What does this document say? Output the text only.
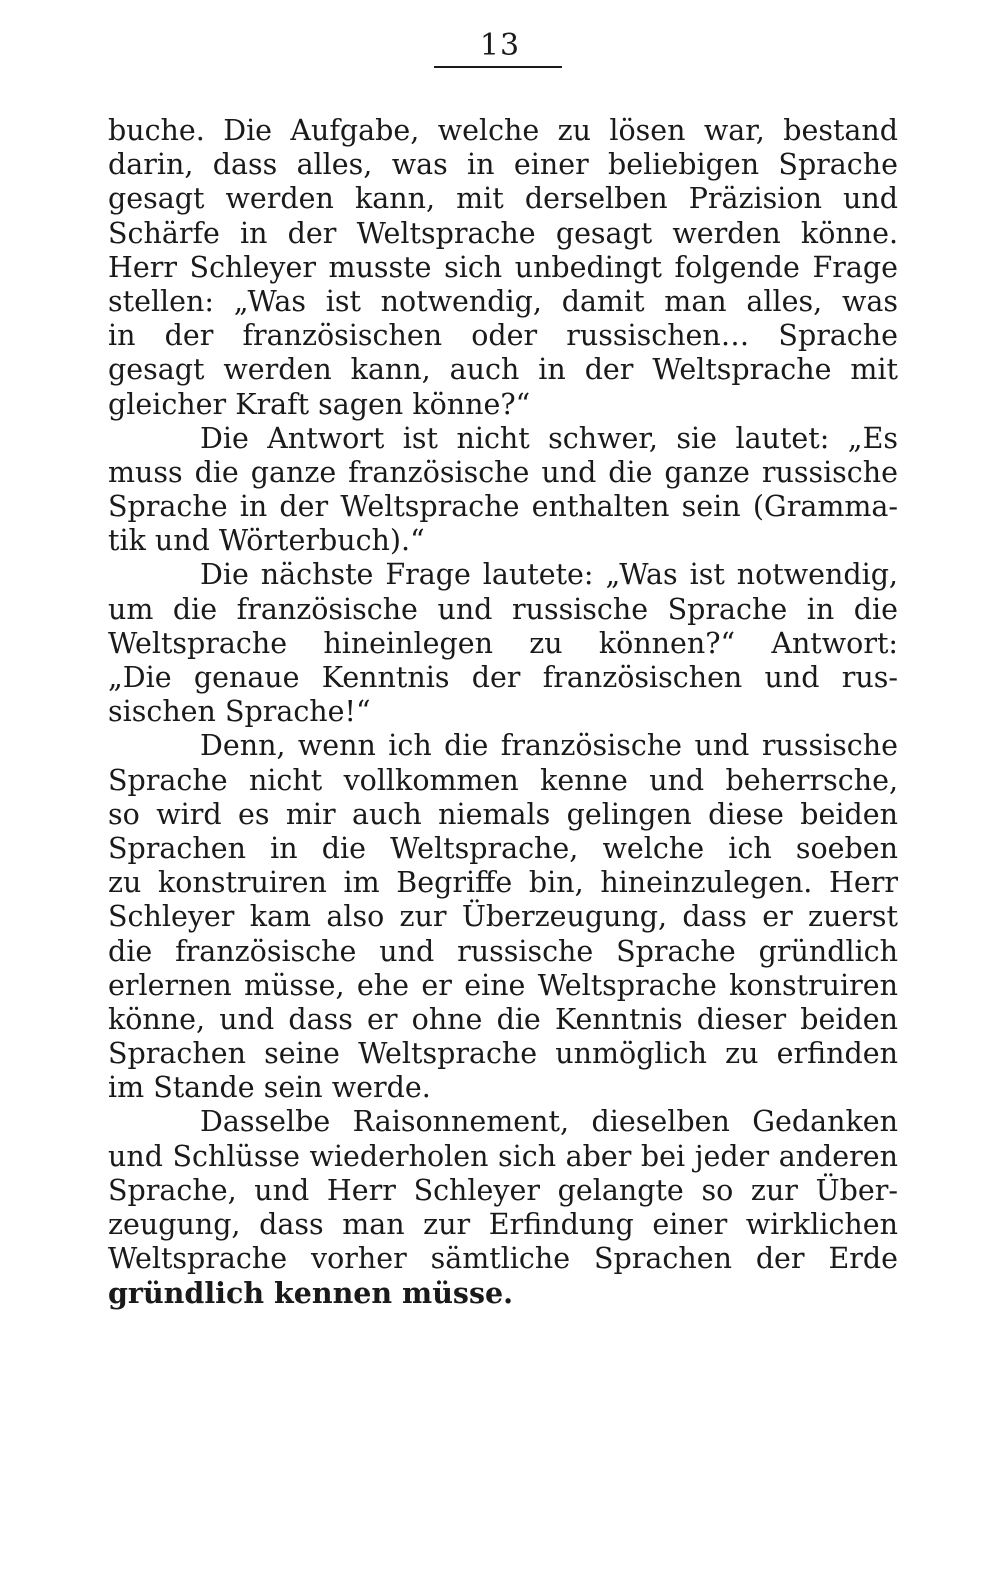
13
buche. Die Aufgabe, welche zu lösen war, bestand
darin, dass alles, was in einer beliebigen Sprache
gesagt werden kann, mit derselben Präzision und
Schärfe in der Weltsprache gesagt werden könne.
Herr Schleyer musste sich unbedingt folgende Frage
stellen: „Was ist notwendig, damit man alles, was
in der französischen oder russischen… Sprache
gesagt werden kann, auch in der Weltsprache mit
gleicher Kraft sagen könne?“
Die Antwort ist nicht schwer, sie lautet: „Es
muss die ganze französische und die ganze russische
Sprache in der Weltsprache enthalten sein (Gramma-
tik und Wörterbuch).“
Die nächste Frage lautete: „Was ist notwendig,
um die französische und russische Sprache in die
Weltsprache hineinlegen zu können?“ Antwort:
„Die genaue Kenntnis der französischen und rus-
sischen Sprache!“
Denn, wenn ich die französische und russische
Sprache nicht vollkommen kenne und beherrsche,
so wird es mir auch niemals gelingen diese beiden
Sprachen in die Weltsprache, welche ich soeben
zu konstruiren im Begriffe bin, hineinzulegen. Herr
Schleyer kam also zur Überzeugung, dass er zuerst
die französische und russische Sprache gründlich
erlernen müsse, ehe er eine Weltsprache konstruiren
könne, und dass er ohne die Kenntnis dieser beiden
Sprachen seine Weltsprache unmöglich zu erfinden
im Stande sein werde.
Dasselbe Raisonnement, dieselben Gedanken
und Schlüsse wiederholen sich aber bei jeder anderen
Sprache, und Herr Schleyer gelangte so zur Über-
zeugung, dass man zur Erfindung einer wirklichen
Weltsprache vorher sämtliche Sprachen der Erde
gründlich kennen müsse.
